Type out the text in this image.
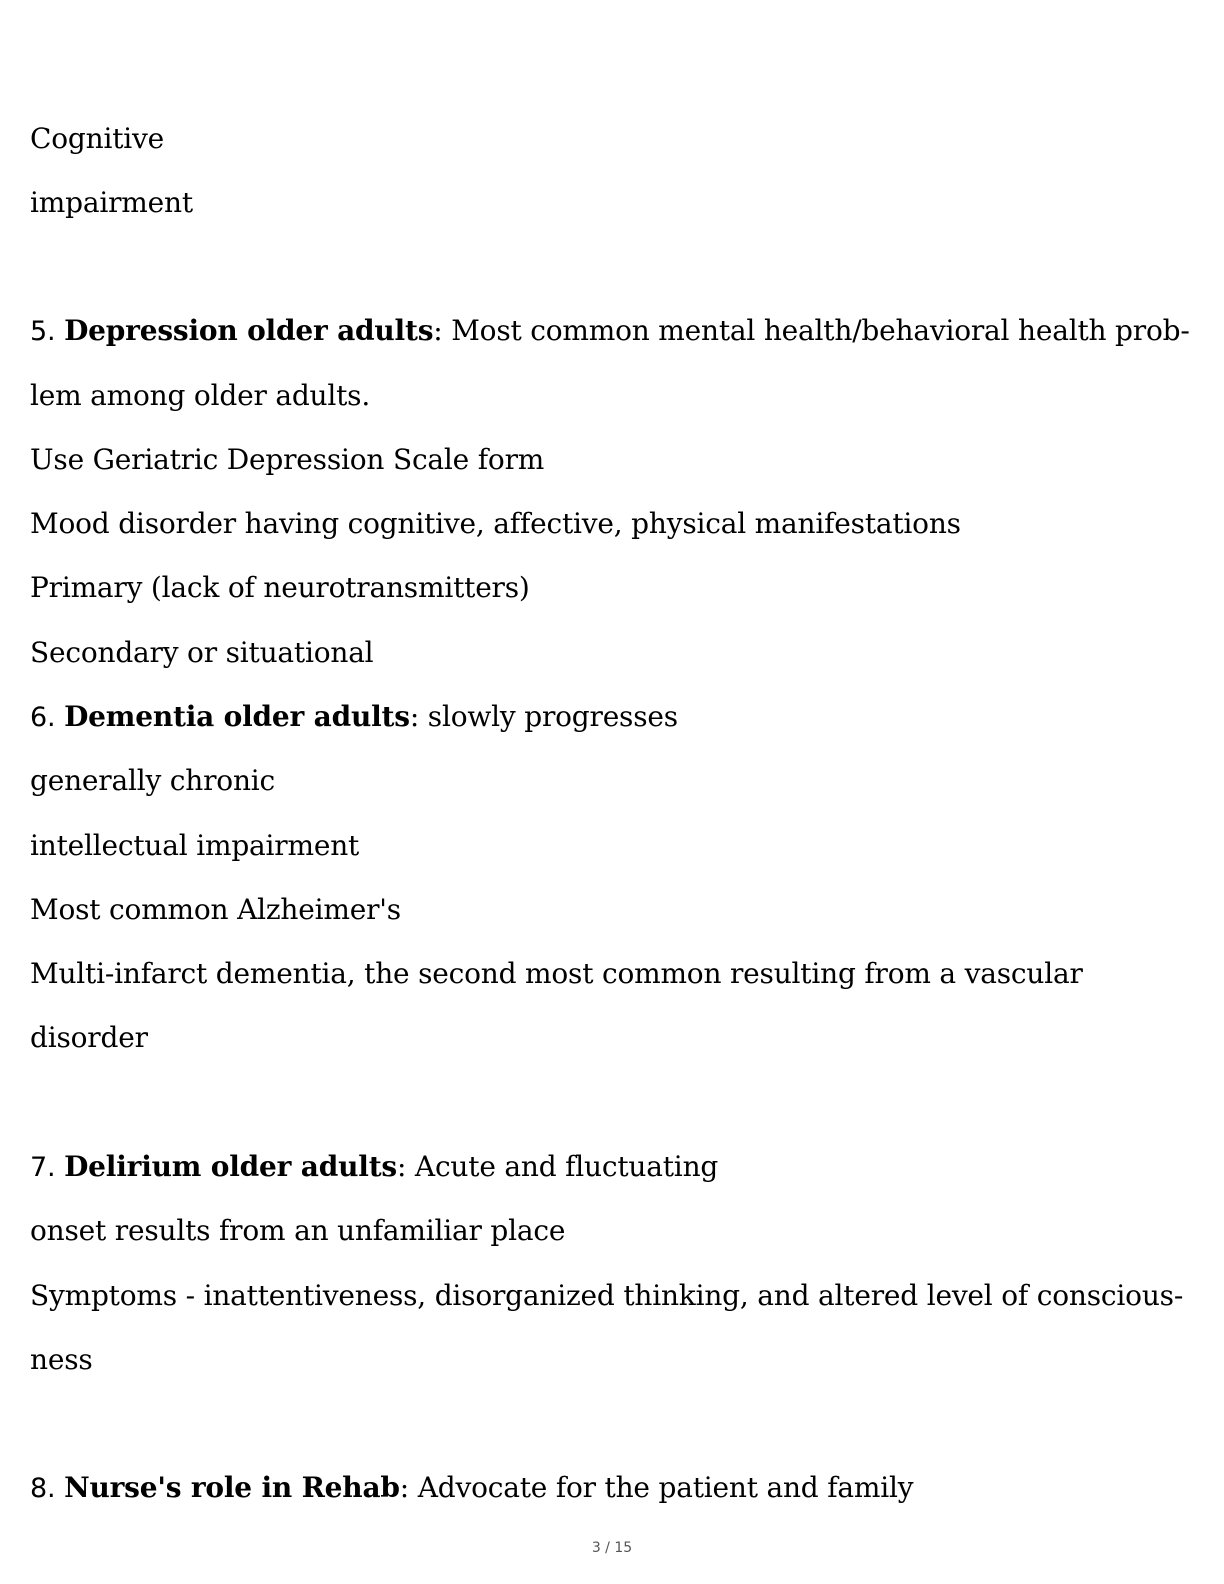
Cognitive
impairment
5. Depression older adults: Most common mental health/behavioral health prob-
lem among older adults.
Use Geriatric Depression Scale form
Mood disorder having cognitive, affective, physical manifestations
Primary (lack of neurotransmitters)
Secondary or situational
6. Dementia older adults: slowly progresses
generally chronic
intellectual impairment
Most common Alzheimer's
Multi-infarct dementia, the second most common resulting from a vascular
disorder
7. Delirium older adults: Acute and fluctuating
onset results from an unfamiliar place
Symptoms - inattentiveness, disorganized thinking, and altered level of conscious-
ness
8. Nurse's role in Rehab: Advocate for the patient and family
3 / 15
